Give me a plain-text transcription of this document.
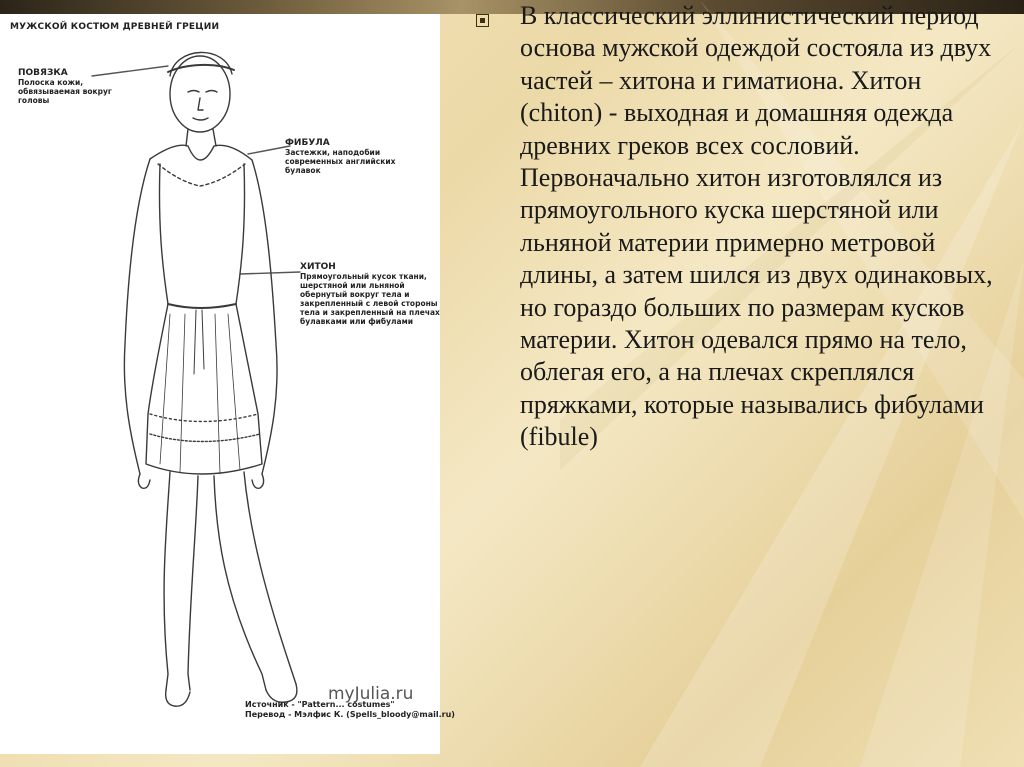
МУЖСКОЙ КОСТЮМ ДРЕВНЕЙ ГРЕЦИИ
ПОВЯЗКА
Полоска кожи, обвязываемая вокруг головы
ФИБУЛА
Застежки, наподобии современных английских булавок
ХИТОН
Прямоугольный кусок ткани, шерстяной или льняной обернутый вокруг тела и закрепленный с левой стороны тела и закрепленный на плечах булавками или фибулами
myJulia.ru
Источник - "Pattern... costumes"
Перевод - Мэлфис К. (Spells_bloody@mail.ru)

В классический эллинистический период основа мужской одеждой состояла из двух частей – хитона и гиматиона. Хитон (chiton) - выходная и домашняя одежда древних греков всех сословий. Первоначально хитон изготовлялся из прямоугольного куска шерстяной или льняной материи примерно метровой длины, а затем шился из двух одинаковых, но гораздо больших по размерам кусков материи. Хитон одевался прямо на тело, облегая его, а на плечах скреплялся пряжками, которые назывались фибулами (fibule)
